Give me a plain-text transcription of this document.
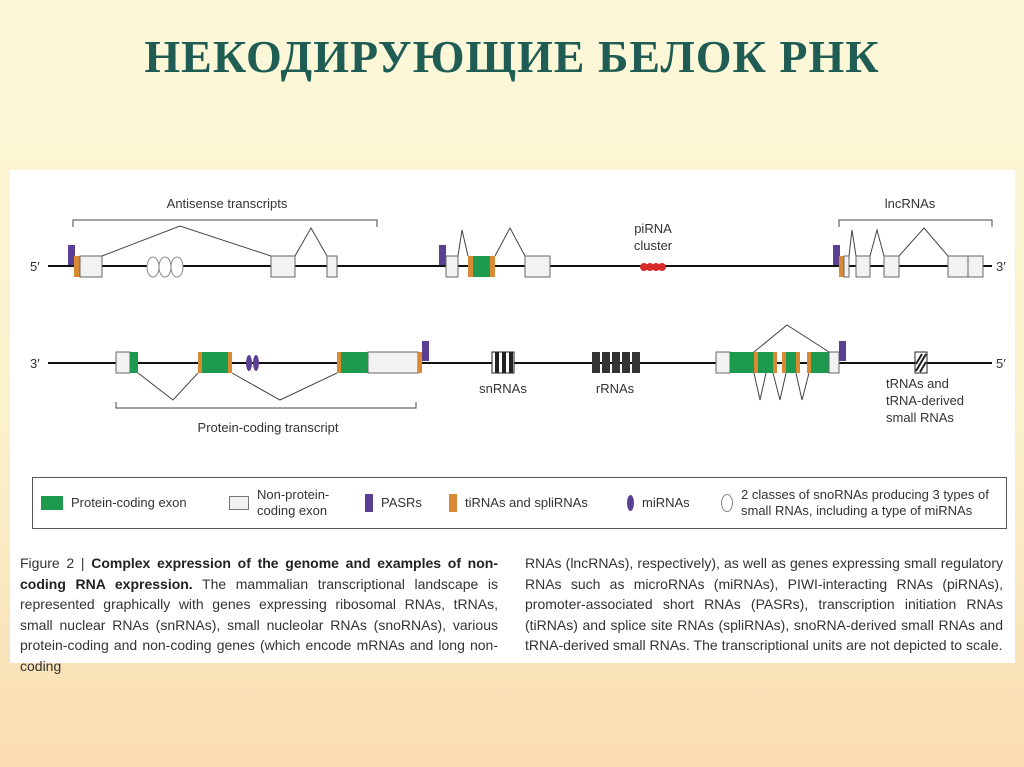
НЕКОДИРУЮЩИЕ БЕЛОК РНК
5′	3′
Antisense transcripts
piRNA
cluster
lncRNAs
3′	5′
Protein-coding transcript
snRNAs	rRNAs	tRNAs and
tRNA-derived
small RNAs
Protein-coding exon
Non-protein-
coding exon
PASRs	tiRNAs and spliRNAs	miRNAs
2 classes of snoRNAs producing 3 types of
small RNAs, including a type of miRNAs
Figure 2 | Complex expression of the genome and examples of non-coding RNA expression. The mammalian transcriptional landscape is represented graphically with genes expressing ribosomal RNAs, tRNAs, small nuclear RNAs (snRNAs), small nucleolar RNAs (snoRNAs), various protein-coding and non-coding genes (which encode mRNAs and long non-coding
RNAs (lncRNAs), respectively), as well as genes expressing small regulatory RNAs such as microRNAs (miRNAs), PIWI-interacting RNAs (piRNAs), promoter-associated short RNAs (PASRs), transcription initiation RNAs (tiRNAs) and splice site RNAs (spliRNAs), snoRNA-derived small RNAs and tRNA-derived small RNAs. The transcriptional units are not depicted to scale.
